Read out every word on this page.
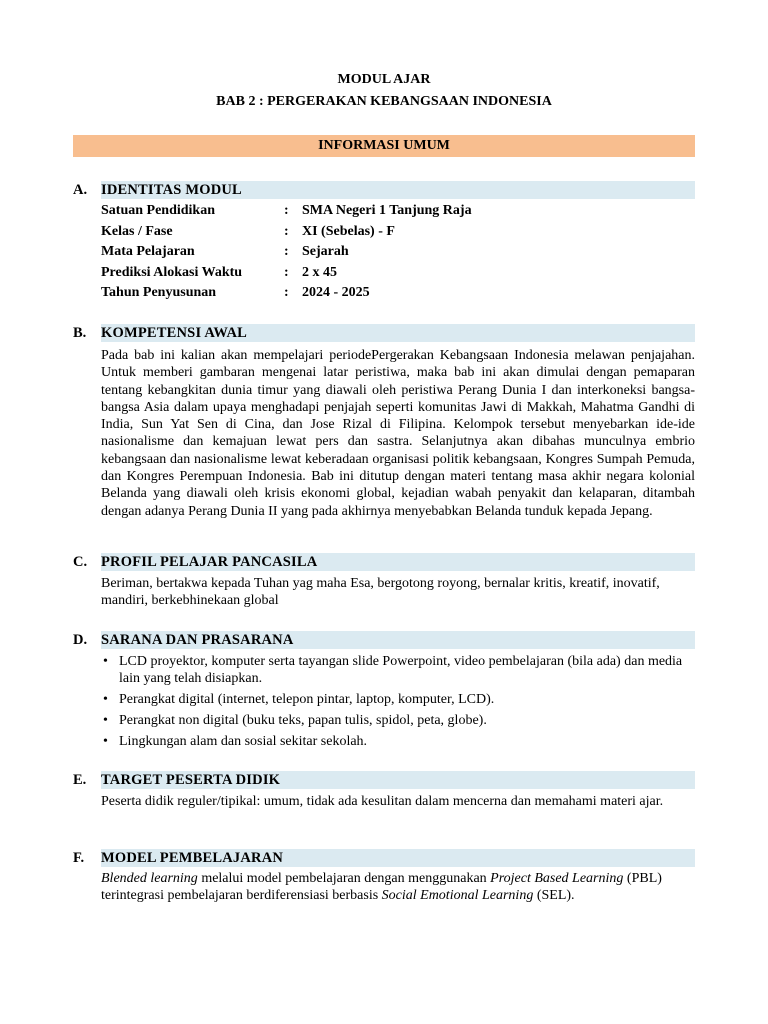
MODUL AJAR
BAB 2 : PERGERAKAN KEBANGSAAN INDONESIA
INFORMASI UMUM
A. IDENTITAS MODUL
Satuan Pendidikan	: SMA Negeri 1 Tanjung Raja
Kelas / Fase	: XI (Sebelas) - F
Mata Pelajaran	: Sejarah
Prediksi Alokasi Waktu	: 2 x 45
Tahun Penyusunan	: 2024 - 2025
B. KOMPETENSI AWAL
Pada bab ini kalian akan mempelajari periodePergerakan Kebangsaan Indonesia melawan penjajahan. Untuk memberi gambaran mengenai latar peristiwa, maka bab ini akan dimulai dengan pemaparan tentang kebangkitan dunia timur yang diawali oleh peristiwa Perang Dunia I dan interkoneksi bangsa-bangsa Asia dalam upaya menghadapi penjajah seperti komunitas Jawi di Makkah, Mahatma Gandhi di India, Sun Yat Sen di Cina, dan Jose Rizal di Filipina. Kelompok tersebut menyebarkan ide-ide nasionalisme dan kemajuan lewat pers dan sastra. Selanjutnya akan dibahas munculnya embrio kebangsaan dan nasionalisme lewat keberadaan organisasi politik kebangsaan, Kongres Sumpah Pemuda, dan Kongres Perempuan Indonesia. Bab ini ditutup dengan materi tentang masa akhir negara kolonial Belanda yang diawali oleh krisis ekonomi global, kejadian wabah penyakit dan kelaparan, ditambah dengan adanya Perang Dunia II yang pada akhirnya menyebabkan Belanda tunduk kepada Jepang.
C. PROFIL PELAJAR PANCASILA
Beriman, bertakwa kepada Tuhan yag maha Esa, bergotong royong, bernalar kritis, kreatif, inovatif, mandiri, berkebhinekaan global
D. SARANA DAN PRASARANA
• LCD proyektor, komputer serta tayangan slide Powerpoint, video pembelajaran (bila ada) dan media lain yang telah disiapkan.
• Perangkat digital (internet, telepon pintar, laptop, komputer, LCD).
• Perangkat non digital (buku teks, papan tulis, spidol, peta, globe).
• Lingkungan alam dan sosial sekitar sekolah.
E. TARGET PESERTA DIDIK
Peserta didik reguler/tipikal: umum, tidak ada kesulitan dalam mencerna dan memahami materi ajar.
F. MODEL PEMBELAJARAN
Blended learning melalui model pembelajaran dengan menggunakan Project Based Learning (PBL) terintegrasi pembelajaran berdiferensiasi berbasis Social Emotional Learning (SEL).
